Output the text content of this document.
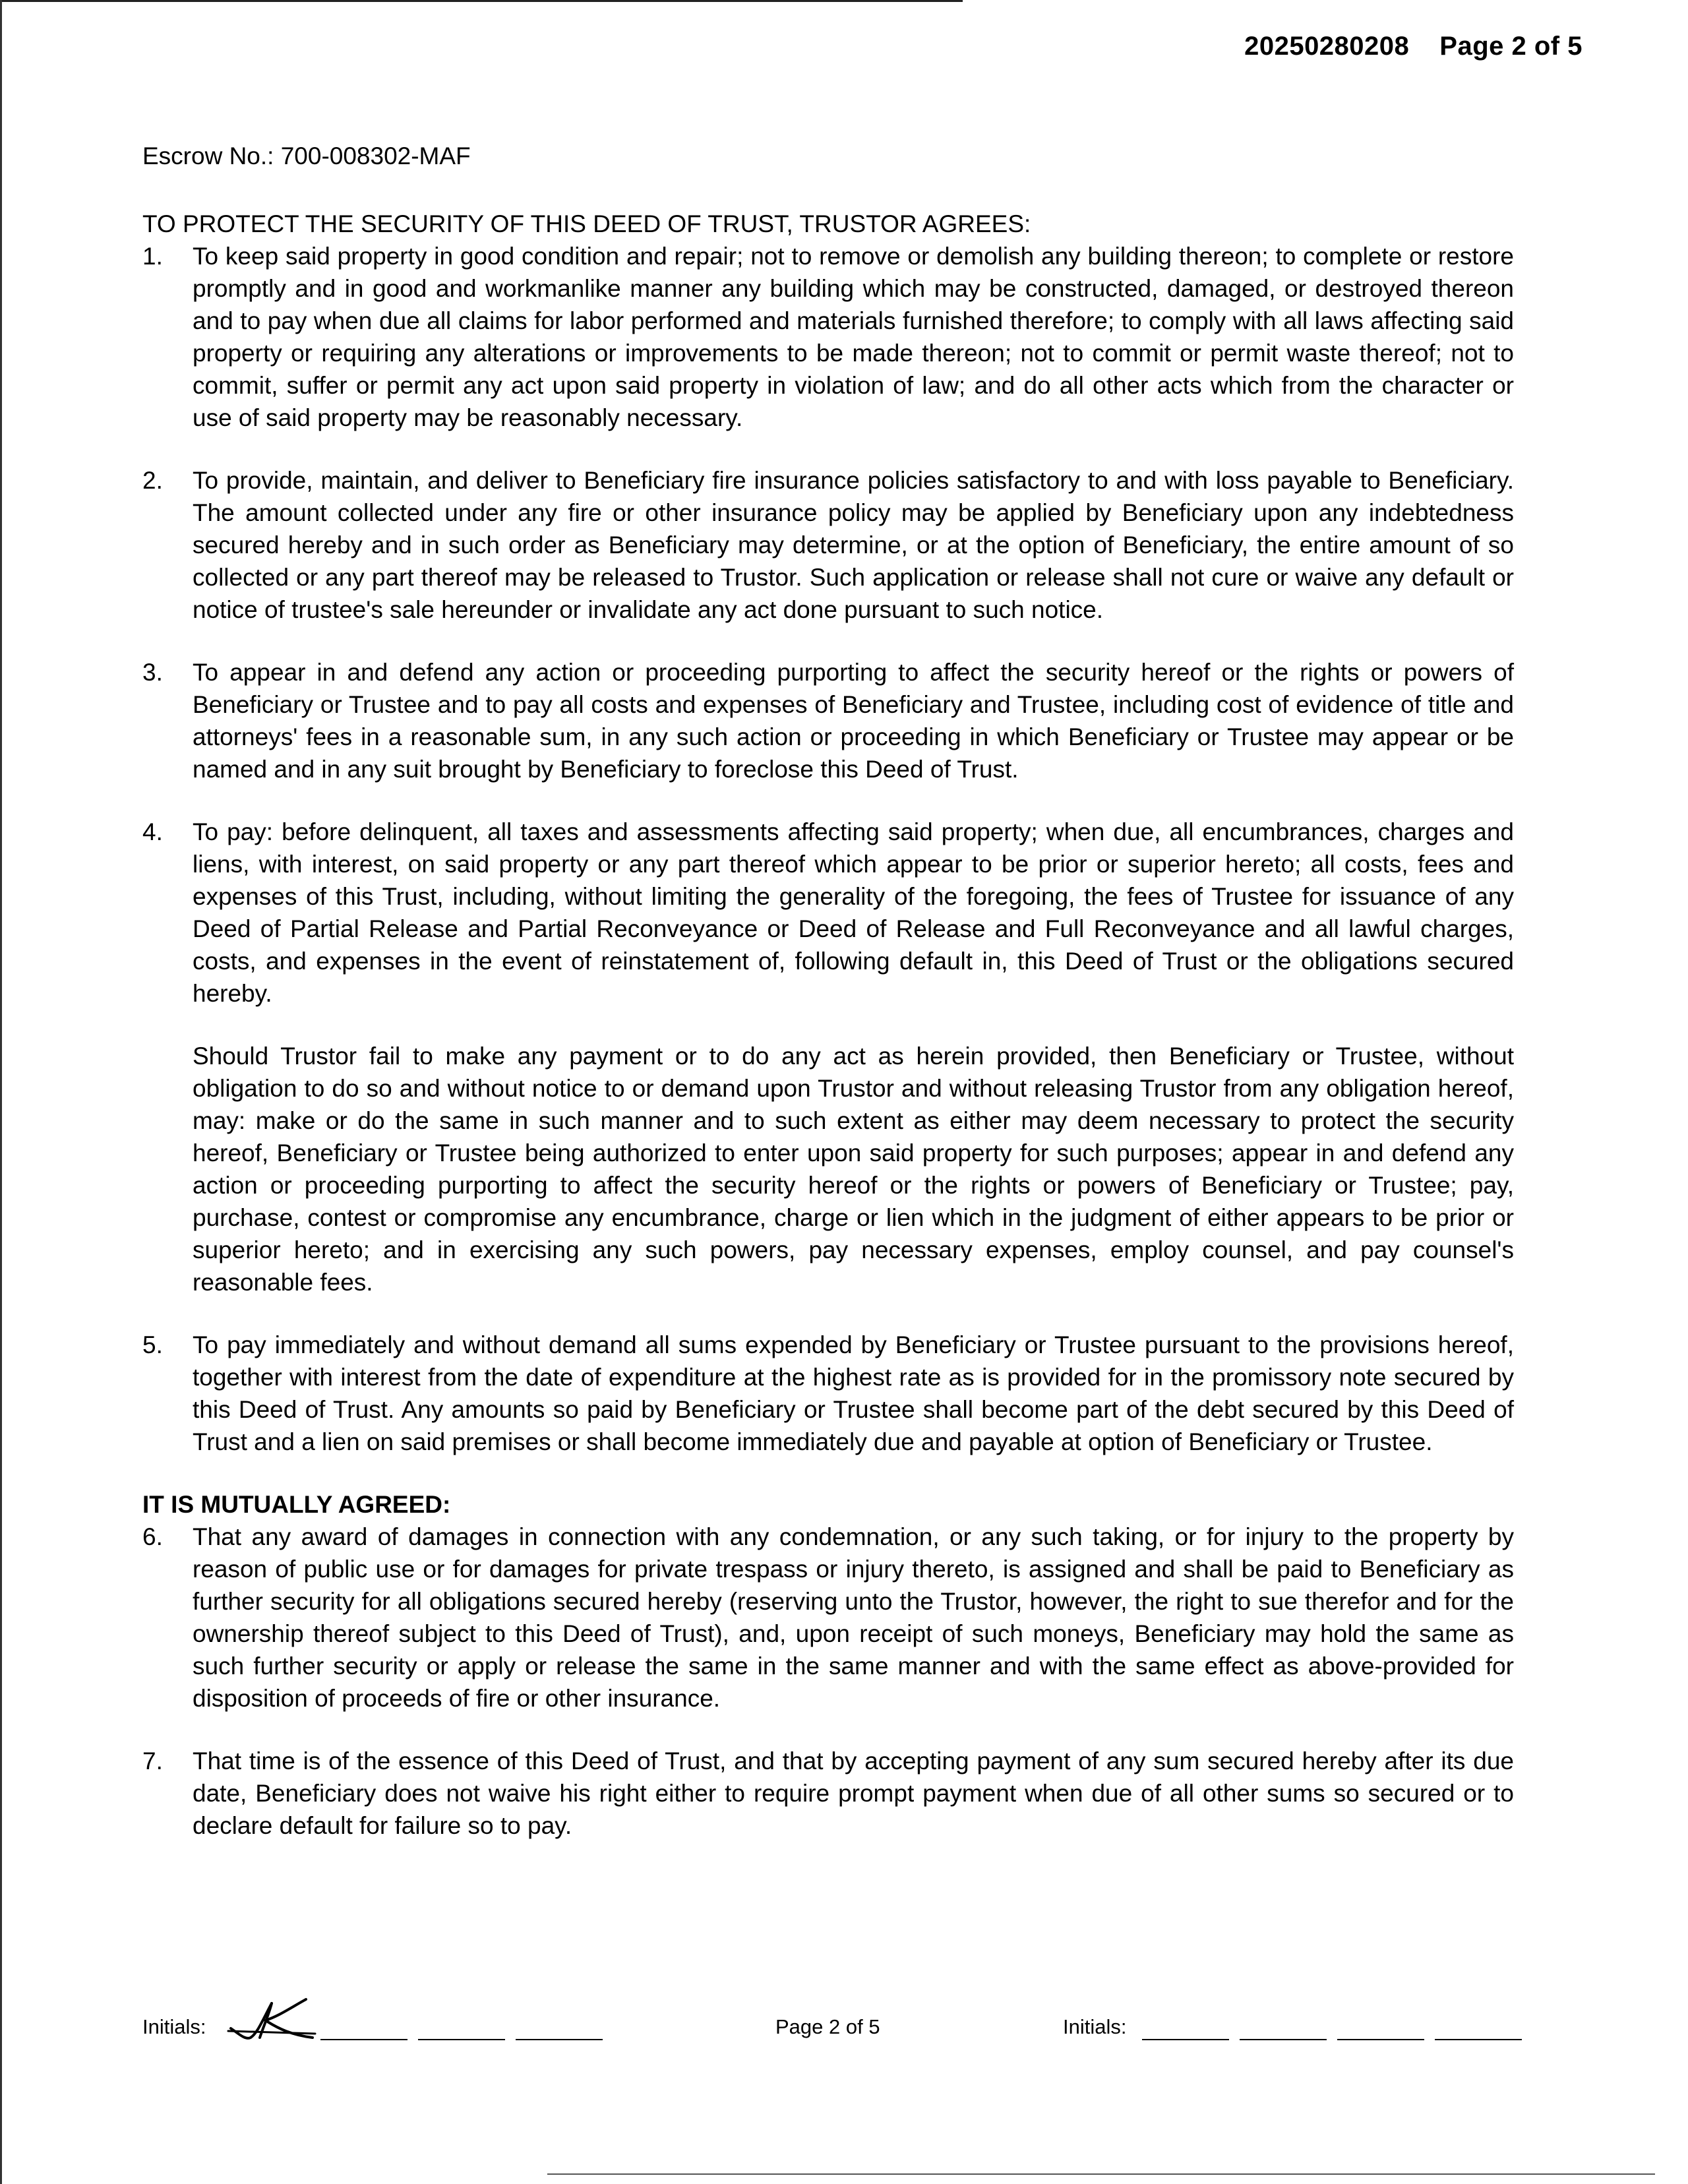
20250280208 Page 2 of 5

Escrow No.: 700-008302-MAF

TO PROTECT THE SECURITY OF THIS DEED OF TRUST, TRUSTOR AGREES:

1. To keep said property in good condition and repair; not to remove or demolish any building thereon; to complete or restore promptly and in good and workmanlike manner any building which may be constructed, damaged, or destroyed thereon and to pay when due all claims for labor performed and materials furnished therefore; to comply with all laws affecting said property or requiring any alterations or improvements to be made thereon; not to commit or permit waste thereof; not to commit, suffer or permit any act upon said property in violation of law; and do all other acts which from the character or use of said property may be reasonably necessary.

2. To provide, maintain, and deliver to Beneficiary fire insurance policies satisfactory to and with loss payable to Beneficiary. The amount collected under any fire or other insurance policy may be applied by Beneficiary upon any indebtedness secured hereby and in such order as Beneficiary may determine, or at the option of Beneficiary, the entire amount of so collected or any part thereof may be released to Trustor. Such application or release shall not cure or waive any default or notice of trustee's sale hereunder or invalidate any act done pursuant to such notice.

3. To appear in and defend any action or proceeding purporting to affect the security hereof or the rights or powers of Beneficiary or Trustee and to pay all costs and expenses of Beneficiary and Trustee, including cost of evidence of title and attorneys' fees in a reasonable sum, in any such action or proceeding in which Beneficiary or Trustee may appear or be named and in any suit brought by Beneficiary to foreclose this Deed of Trust.

4. To pay: before delinquent, all taxes and assessments affecting said property; when due, all encumbrances, charges and liens, with interest, on said property or any part thereof which appear to be prior or superior hereto; all costs, fees and expenses of this Trust, including, without limiting the generality of the foregoing, the fees of Trustee for issuance of any Deed of Partial Release and Partial Reconveyance or Deed of Release and Full Reconveyance and all lawful charges, costs, and expenses in the event of reinstatement of, following default in, this Deed of Trust or the obligations secured hereby.

Should Trustor fail to make any payment or to do any act as herein provided, then Beneficiary or Trustee, without obligation to do so and without notice to or demand upon Trustor and without releasing Trustor from any obligation hereof, may: make or do the same in such manner and to such extent as either may deem necessary to protect the security hereof, Beneficiary or Trustee being authorized to enter upon said property for such purposes; appear in and defend any action or proceeding purporting to affect the security hereof or the rights or powers of Beneficiary or Trustee; pay, purchase, contest or compromise any encumbrance, charge or lien which in the judgment of either appears to be prior or superior hereto; and in exercising any such powers, pay necessary expenses, employ counsel, and pay counsel's reasonable fees.

5. To pay immediately and without demand all sums expended by Beneficiary or Trustee pursuant to the provisions hereof, together with interest from the date of expenditure at the highest rate as is provided for in the promissory note secured by this Deed of Trust. Any amounts so paid by Beneficiary or Trustee shall become part of the debt secured by this Deed of Trust and a lien on said premises or shall become immediately due and payable at option of Beneficiary or Trustee.

IT IS MUTUALLY AGREED:

6. That any award of damages in connection with any condemnation, or any such taking, or for injury to the property by reason of public use or for damages for private trespass or injury thereto, is assigned and shall be paid to Beneficiary as further security for all obligations secured hereby (reserving unto the Trustor, however, the right to sue therefor and for the ownership thereof subject to this Deed of Trust), and, upon receipt of such moneys, Beneficiary may hold the same as such further security or apply or release the same in the same manner and with the same effect as above-provided for disposition of proceeds of fire or other insurance.

7. That time is of the essence of this Deed of Trust, and that by accepting payment of any sum secured hereby after its due date, Beneficiary does not waive his right either to require prompt payment when due of all other sums so secured or to declare default for failure so to pay.

Initials:	Page 2 of 5	Initials:
